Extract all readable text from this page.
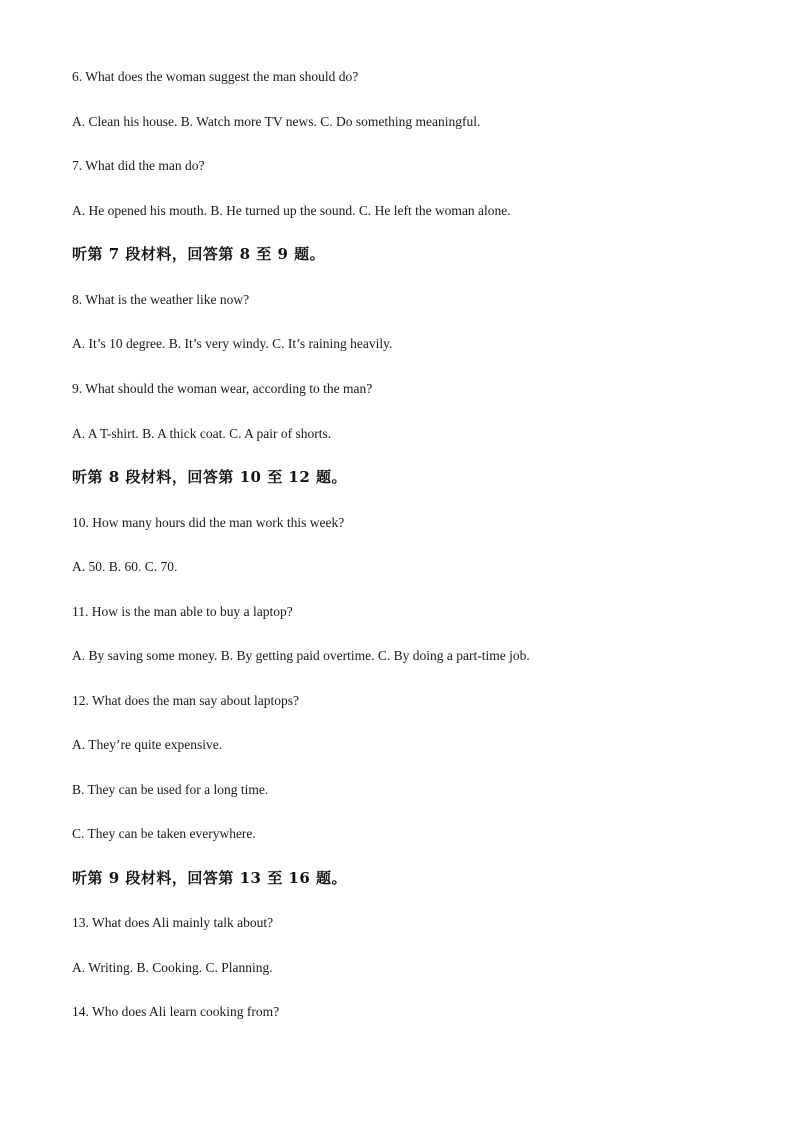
6. What does the woman suggest the man should do?
A. Clean his house. B. Watch more TV news. C. Do something meaningful.
7. What did the man do?
A. He opened his mouth. B. He turned up the sound. C. He left the woman alone.
听第 7 段材料，回答第 8 至 9 题。
8. What is the weather like now?
A. It’s 10 degree. B. It’s very windy. C. It’s raining heavily.
9. What should the woman wear, according to the man?
A. A T-shirt. B. A thick coat. C. A pair of shorts.
听第 8 段材料，回答第 10 至 12 题。
10. How many hours did the man work this week?
A. 50. B. 60. C. 70.
11. How is the man able to buy a laptop?
A. By saving some money. B. By getting paid overtime. C. By doing a part-time job.
12. What does the man say about laptops?
A. They’re quite expensive.
B. They can be used for a long time.
C. They can be taken everywhere.
听第 9 段材料，回答第 13 至 16 题。
13. What does Ali mainly talk about?
A. Writing. B. Cooking. C. Planning.
14. Who does Ali learn cooking from?
